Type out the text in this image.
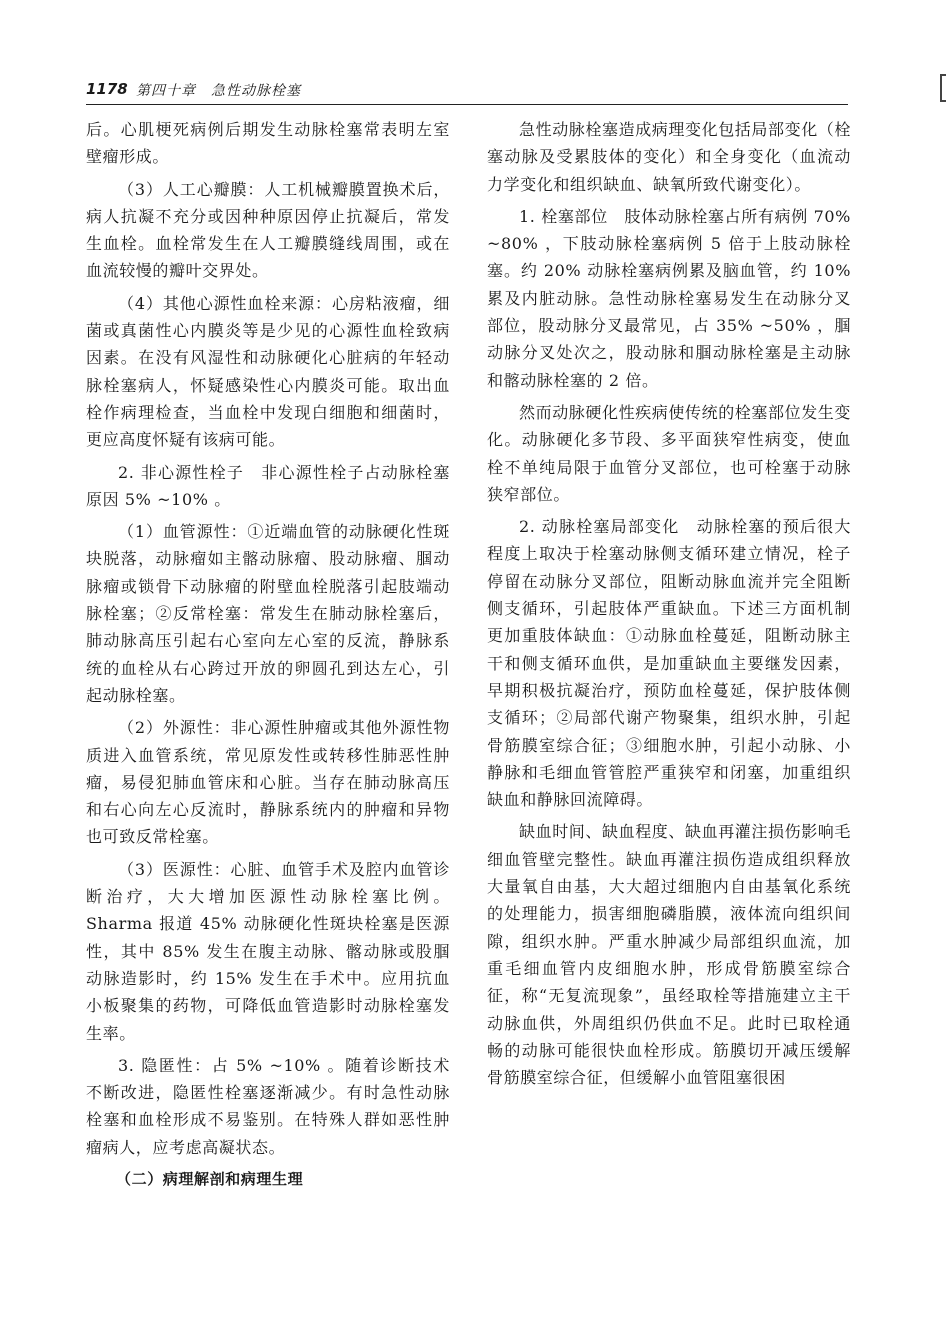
1178 第四十章　急性动脉栓塞

后。心肌梗死病例后期发生动脉栓塞常表明左室壁瘤形成。

（3）人工心瓣膜：人工机械瓣膜置换术后，病人抗凝不充分或因种种原因停止抗凝后，常发生血栓。血栓常发生在人工瓣膜缝线周围，或在血流较慢的瓣叶交界处。

（4）其他心源性血栓来源：心房粘液瘤，细菌或真菌性心内膜炎等是少见的心源性血栓致病因素。在没有风湿性和动脉硬化心脏病的年轻动脉栓塞病人，怀疑感染性心内膜炎可能。取出血栓作病理检查，当血栓中发现白细胞和细菌时，更应高度怀疑有该病可能。

2. 非心源性栓子　非心源性栓子占动脉栓塞原因 5% ~10% 。

（1）血管源性：①近端血管的动脉硬化性斑块脱落，动脉瘤如主髂动脉瘤、股动脉瘤、腘动脉瘤或锁骨下动脉瘤的附壁血栓脱落引起肢端动脉栓塞；②反常栓塞：常发生在肺动脉栓塞后，肺动脉高压引起右心室向左心室的反流，静脉系统的血栓从右心跨过开放的卵圆孔到达左心，引起动脉栓塞。

（2）外源性：非心源性肿瘤或其他外源性物质进入血管系统，常见原发性或转移性肺恶性肿瘤，易侵犯肺血管床和心脏。当存在肺动脉高压和右心向左心反流时，静脉系统内的肿瘤和异物也可致反常栓塞。

（3）医源性：心脏、血管手术及腔内血管诊断治疗，大大增加医源性动脉栓塞比例。Sharma 报道 45% 动脉硬化性斑块栓塞是医源性，其中 85% 发生在腹主动脉、髂动脉或股腘动脉造影时，约 15% 发生在手术中。应用抗血小板聚集的药物，可降低血管造影时动脉栓塞发生率。

3. 隐匿性：占 5% ~10% 。随着诊断技术不断改进，隐匿性栓塞逐渐减少。有时急性动脉栓塞和血栓形成不易鉴别。在特殊人群如恶性肿瘤病人，应考虑高凝状态。

（二）病理解剖和病理生理

急性动脉栓塞造成病理变化包括局部变化（栓塞动脉及受累肢体的变化）和全身变化（血流动力学变化和组织缺血、缺氧所致代谢变化）。

1. 栓塞部位　肢体动脉栓塞占所有病例 70% ~80% ，下肢动脉栓塞病例 5 倍于上肢动脉栓塞。约 20% 动脉栓塞病例累及脑血管，约 10% 累及内脏动脉。急性动脉栓塞易发生在动脉分叉部位，股动脉分叉最常见，占 35% ~50% ，腘动脉分叉处次之，股动脉和腘动脉栓塞是主动脉和髂动脉栓塞的 2 倍。

然而动脉硬化性疾病使传统的栓塞部位发生变化。动脉硬化多节段、多平面狭窄性病变，使血栓不单纯局限于血管分叉部位，也可栓塞于动脉狭窄部位。

2. 动脉栓塞局部变化　动脉栓塞的预后很大程度上取决于栓塞动脉侧支循环建立情况，栓子停留在动脉分叉部位，阻断动脉血流并完全阻断侧支循环，引起肢体严重缺血。下述三方面机制更加重肢体缺血：①动脉血栓蔓延，阻断动脉主干和侧支循环血供，是加重缺血主要继发因素，早期积极抗凝治疗，预防血栓蔓延，保护肢体侧支循环；②局部代谢产物聚集，组织水肿，引起骨筋膜室综合征；③细胞水肿，引起小动脉、小静脉和毛细血管管腔严重狭窄和闭塞，加重组织缺血和静脉回流障碍。

缺血时间、缺血程度、缺血再灌注损伤影响毛细血管壁完整性。缺血再灌注损伤造成组织释放大量氧自由基，大大超过细胞内自由基氧化系统的处理能力，损害细胞磷脂膜，液体流向组织间隙，组织水肿。严重水肿减少局部组织血流，加重毛细血管内皮细胞水肿，形成骨筋膜室综合征，称“无复流现象”，虽经取栓等措施建立主干动脉血供，外周组织仍供血不足。此时已取栓通畅的动脉可能很快血栓形成。筋膜切开减压缓解骨筋膜室综合征，但缓解小血管阻塞很困
